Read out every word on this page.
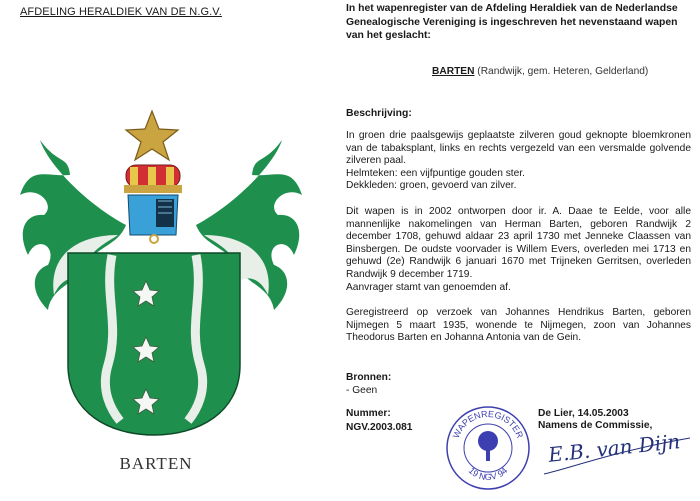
AFDELING HERALDIEK VAN DE N.G.V.
BARTEN
In het wapenregister van de Afdeling Heraldiek van de Nederlandse Genealogische Vereniging is ingeschreven het nevenstaand wapen van het geslacht:
BARTEN (Randwijk, gem. Heteren, Gelderland)
Beschrijving:

In groen drie paalsgewijs geplaatste zilveren goud geknopte bloemkronen van de tabaksplant, links en rechts vergezeld van een versmalde golvende zilveren paal.

Helmteken: een vijfpuntige gouden ster.

Dekkleden: groen, gevoerd van zilver.

Dit wapen is in 2002 ontworpen door ir. A. Daae te Eelde, voor alle mannenlijke nakomelingen van Herman Barten, geboren Randwijk 2 december 1708, gehuwd aldaar 23 april 1730 met Jenneke Claassen van Binsbergen. De oudste voorvader is Willem Evers, overleden mei 1713 en gehuwd (2e) Randwijk 6 januari 1670 met Trijneken Gerritsen, overleden Randwijk 9 december 1719.

Aanvrager stamt van genoemden af.

Geregistreerd op verzoek van Johannes Hendrikus Barten, geboren Nijmegen 5 maart 1935, wonende te Nijmegen, zoon van Johannes Theodorus Barten en Johanna Antonia van de Gein.

Bronnen:
- Geen
Nummer:
NGV.2003.081
De Lier, 14.05.2003
Namens de Commissie,
WAPENREGISTER
19 NGV 94
E.B. van Dijn
